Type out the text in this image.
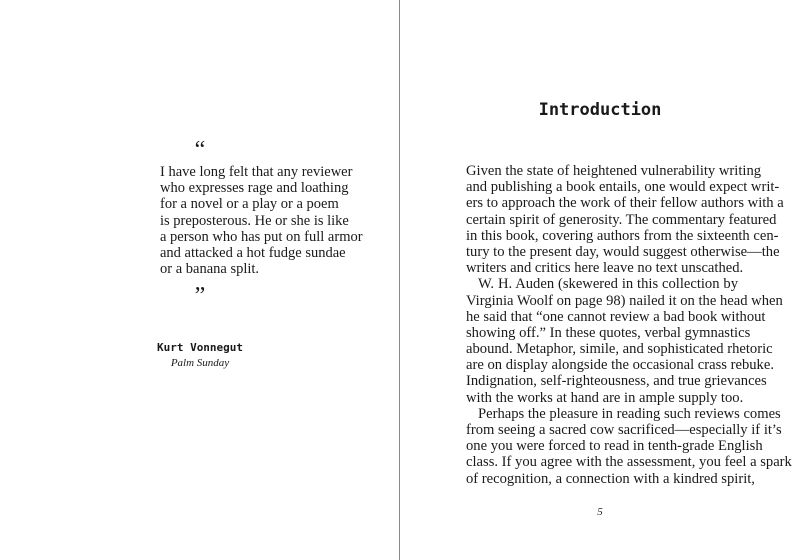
“
I have long felt that any reviewer
who expresses rage and loathing
for a novel or a play or a poem
is preposterous. He or she is like
a person who has put on full armor
and attacked a hot fudge sundae
or a banana split.
”
Kurt Vonnegut
Palm Sunday
Introduction
Given the state of heightened vulnerability writing
and publishing a book entails, one would expect writ-
ers to approach the work of their fellow authors with a
certain spirit of generosity. The commentary featured
in this book, covering authors from the sixteenth cen-
tury to the present day, would suggest otherwise—the
writers and critics here leave no text unscathed.
W. H. Auden (skewered in this collection by
Virginia Woolf on page 98) nailed it on the head when
he said that “one cannot review a bad book without
showing off.” In these quotes, verbal gymnastics
abound. Metaphor, simile, and sophisticated rhetoric
are on display alongside the occasional crass rebuke.
Indignation, self-righteousness, and true grievances
with the works at hand are in ample supply too.
Perhaps the pleasure in reading such reviews comes
from seeing a sacred cow sacrificed—especially if it’s
one you were forced to read in tenth-grade English
class. If you agree with the assessment, you feel a spark
of recognition, a connection with a kindred spirit,
5
